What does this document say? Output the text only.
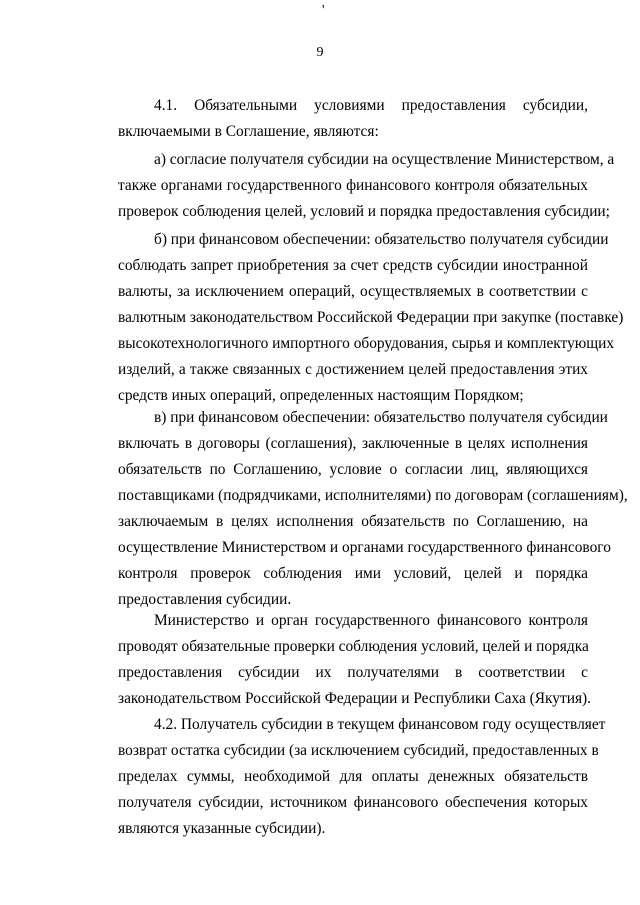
'
9
4.1. Обязательными условиями предоставления субсидии,
включаемыми в Соглашение, являются:
а) согласие получателя субсидии на осуществление Министерством, а
также органами государственного финансового контроля обязательных
проверок соблюдения целей, условий и порядка предоставления субсидии;
б) при финансовом обеспечении: обязательство получателя субсидии
соблюдать запрет приобретения за счет средств субсидии иностранной
валюты, за исключением операций, осуществляемых в соответствии с
валютным законодательством Российской Федерации при закупке (поставке)
высокотехнологичного импортного оборудования, сырья и комплектующих
изделий, а также связанных с достижением целей предоставления этих
средств иных операций, определенных настоящим Порядком;
в) при финансовом обеспечении: обязательство получателя субсидии
включать в договоры (соглашения), заключенные в целях исполнения
обязательств по Соглашению, условие о согласии лиц, являющихся
поставщиками (подрядчиками, исполнителями) по договорам (соглашениям),
заключаемым в целях исполнения обязательств по Соглашению, на
осуществление Министерством и органами государственного финансового
контроля проверок соблюдения ими условий, целей и порядка
предоставления субсидии.
Министерство и орган государственного финансового контроля
проводят обязательные проверки соблюдения условий, целей и порядка
предоставления субсидии их получателями в соответствии с
законодательством Российской Федерации и Республики Саха (Якутия).
4.2. Получатель субсидии в текущем финансовом году осуществляет
возврат остатка субсидии (за исключением субсидий, предоставленных в
пределах суммы, необходимой для оплаты денежных обязательств
получателя субсидии, источником финансового обеспечения которых
являются указанные субсидии).
